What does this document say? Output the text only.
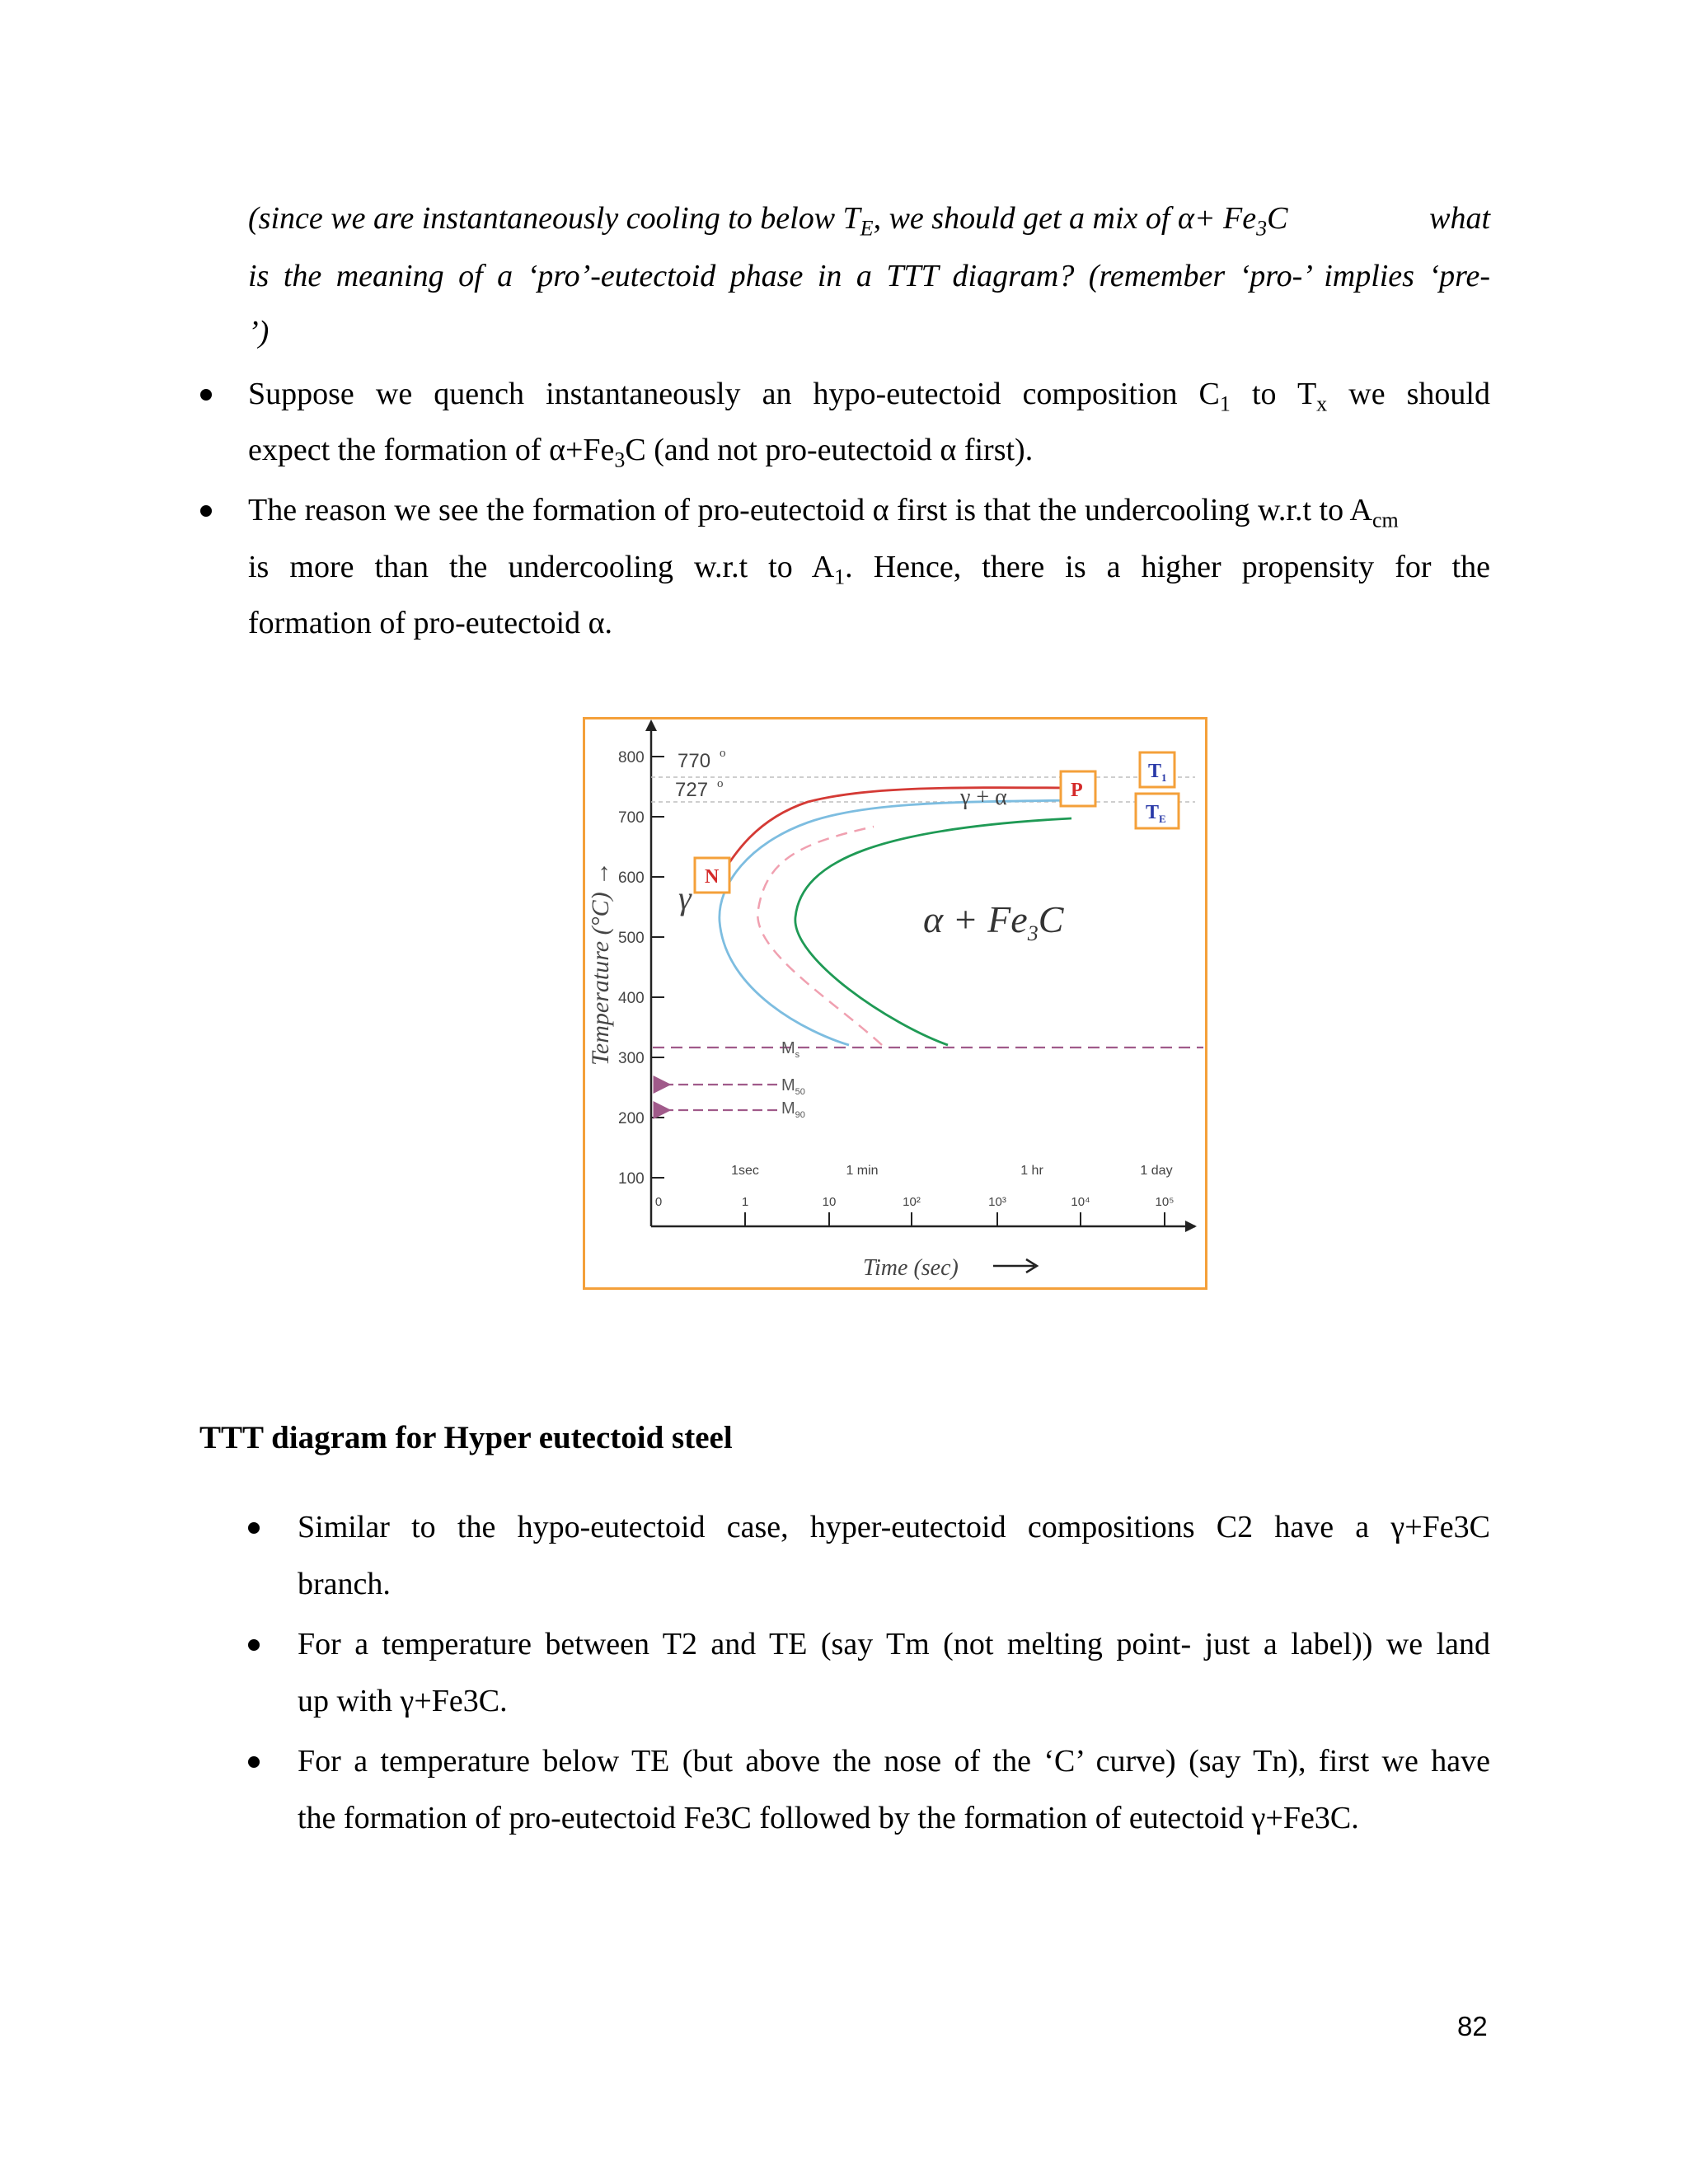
(since we are instantaneously cooling to below $T_E$, we should get a mix of $\alpha+ Fe_3C$	what
is the meaning of a ‘pro’-eutectoid phase in a TTT diagram? (remember ‘pro-’ implies ‘pre-
’)
Suppose we quench instantaneously an hypo-eutectoid composition $C_1$ to $T_x$ we should
expect the formation of $\alpha+Fe_3C$ (and not pro-eutectoid α first).
The reason we see the formation of pro-eutectoid α first is that the undercooling w.r.t to $A_{cm}$
is more than the undercooling w.r.t to $A_1$. Hence, there is a higher propensity for the
formation of pro-eutectoid α.
800
700
600
500
400
300
200
100
0	1	10	10²	10³	10⁴	10⁵
1sec	1 min	1 hr	1 day
770 o
727 o
$M_s$
$M_{50}$
$M_{90}$
γ
γ + α
$\alpha + Fe_3C$
N
P
$T_1$
$T_E$
Temperature (°C) →
Time (sec)
TTT diagram for Hyper eutectoid steel
Similar to the hypo-eutectoid case, hyper-eutectoid compositions C2 have a γ+Fe3C
branch.
For a temperature between T2 and TE (say Tm (not melting point- just a label)) we land
up with γ+Fe3C.
For a temperature below TE (but above the nose of the ‘C’ curve) (say Tn), first we have
the formation of pro-eutectoid Fe3C followed by the formation of eutectoid γ+Fe3C.
82
